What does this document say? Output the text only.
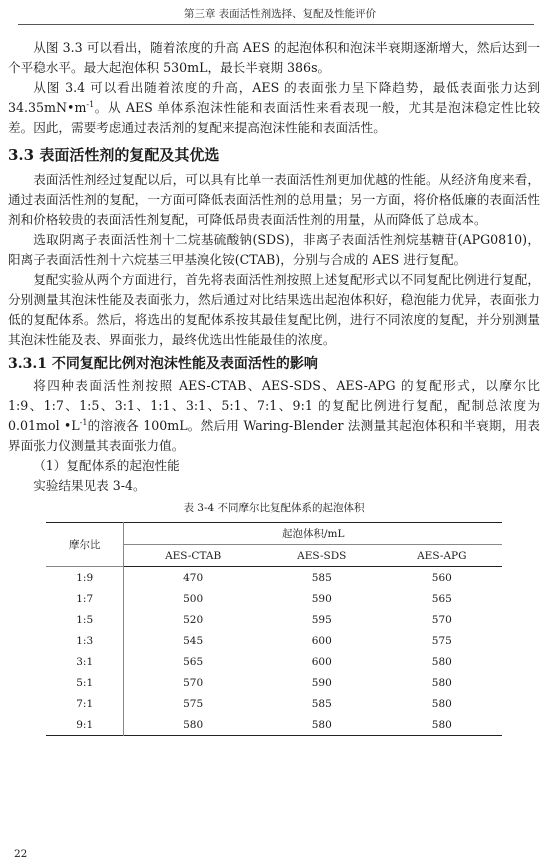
第三章 表面活性剂选择、复配及性能评价

从图 3.3 可以看出，随着浓度的升高 AES 的起泡体积和泡沫半衰期逐渐增大，然后达到一个平稳水平。最大起泡体积 530mL，最长半衰期 386s。

从图 3.4 可以看出随着浓度的升高，AES 的表面张力呈下降趋势，最低表面张力达到 $34.35mN•m^{-1}$。从 AES 单体系泡沫性能和表面活性来看表现一般，尤其是泡沫稳定性比较差。因此，需要考虑通过表活剂的复配来提高泡沫性能和表面活性。

3.3 表面活性剂的复配及其优选

表面活性剂经过复配以后，可以具有比单一表面活性剂更加优越的性能。从经济角度来看，通过表面活性剂的复配，一方面可降低表面活性剂的总用量；另一方面，将价格低廉的表面活性剂和价格较贵的表面活性剂复配，可降低昂贵表面活性剂的用量，从而降低了总成本。

选取阴离子表面活性剂十二烷基硫酸钠(SDS)，非离子表面活性剂烷基糖苷(APG0810)，阳离子表面活性剂十六烷基三甲基溴化铵(CTAB)，分别与合成的 AES 进行复配。

复配实验从两个方面进行，首先将表面活性剂按照上述复配形式以不同复配比例进行复配，分别测量其泡沫性能及表面张力，然后通过对比结果选出起泡体积好，稳泡能力优异，表面张力低的复配体系。然后，将选出的复配体系按其最佳复配比例，进行不同浓度的复配，并分别测量其泡沫性能及表、界面张力，最终优选出性能最佳的浓度。

3.3.1 不同复配比例对泡沫性能及表面活性的影响

将四种表面活性剂按照 AES-CTAB、AES-SDS、AES-APG 的复配形式，以摩尔比 1:9、1:7、1:5、3:1、1:1、3:1、5:1、7:1、9:1 的复配比例进行复配，配制总浓度为 0.01mol $•L^{-1}$的溶液各 100mL。然后用 Waring-Blender 法测量其起泡体积和半衰期，用表界面张力仪测量其表面张力值。

（1）复配体系的起泡性能

实验结果见表 3-4。

表 3-4 不同摩尔比复配体系的起泡体积
摩尔比	起泡体积/mL		
	AES-CTAB	AES-SDS	AES-APG
1:9	470	585	560
1:7	500	590	565
1:5	520	595	570
1:3	545	600	575
3:1	565	600	580
5:1	570	590	580
7:1	575	585	580
9:1	580	580	580
22
